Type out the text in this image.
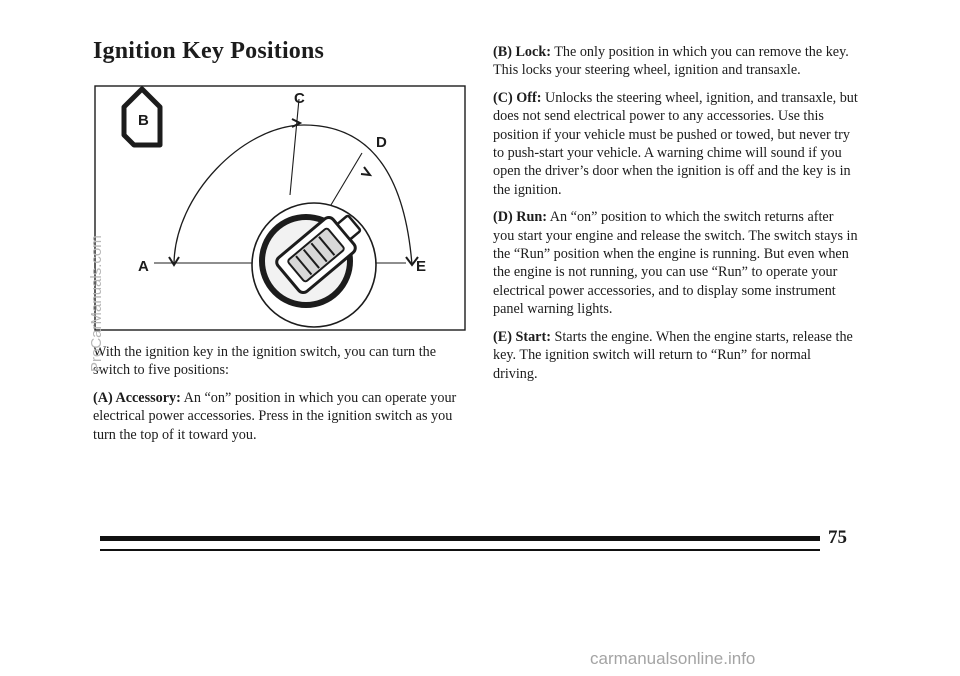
Ignition Key Positions
B
C
D
A	E

With the ignition key in the ignition switch, you can turn the switch to five positions:

(A) Accessory: An “on” position in which you can operate your electrical power accessories. Press in the ignition switch as you turn the top of it toward you.

(B) Lock: The only position in which you can remove the key. This locks your steering wheel, ignition and transaxle.

(C) Off: Unlocks the steering wheel, ignition, and transaxle, but does not send electrical power to any accessories. Use this position if your vehicle must be pushed or towed, but never try to push-start your vehicle. A warning chime will sound if you open the driver’s door when the ignition is off and the key is in the ignition.

(D) Run: An “on” position to which the switch returns after you start your engine and release the switch. The switch stays in the “Run” position when the engine is running. But even when the engine is not running, you can use “Run” to operate your electrical power accessories, and to display some instrument panel warning lights.

(E) Start: Starts the engine. When the engine starts, release the key. The ignition switch will return to “Run” for normal driving.

75
ProCarManuals.com
carmanualsonline.info
